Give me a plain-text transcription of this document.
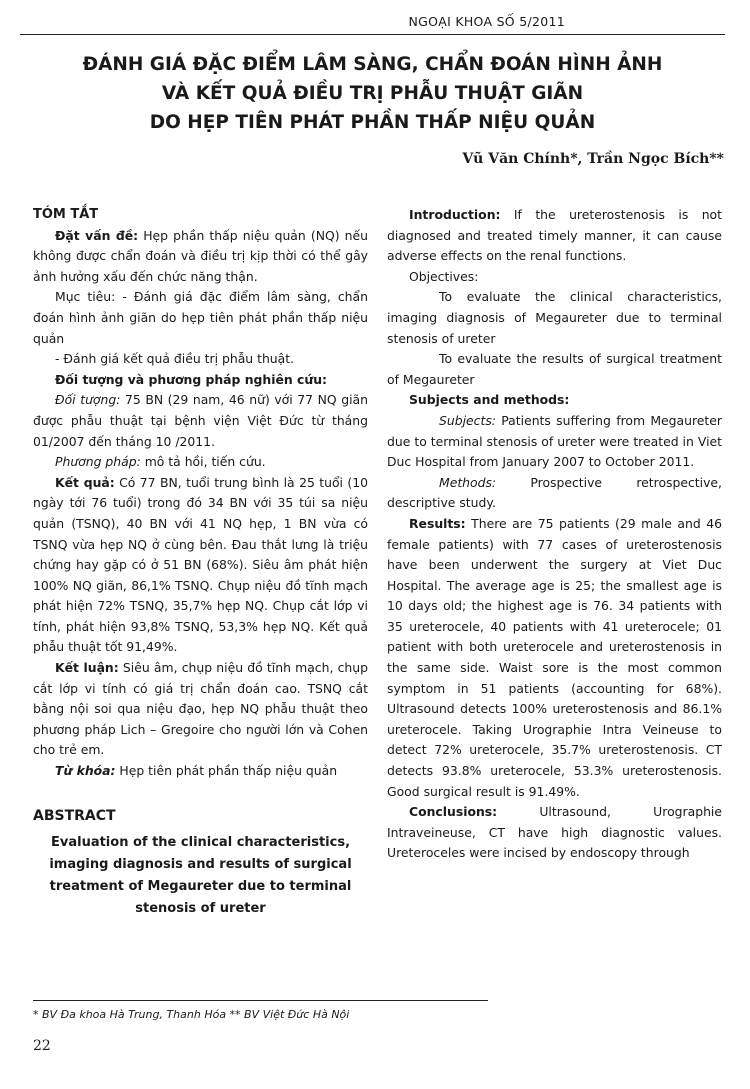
NGOẠI KHOA SỐ 5/2011
ĐÁNH GIÁ ĐẶC ĐIỂM LÂM SÀNG, CHẨN ĐOÁN HÌNH ẢNH
VÀ KẾT QUẢ ĐIỀU TRỊ PHẪU THUẬT GIÃN
DO HẸP TIÊN PHÁT PHẦN THẤP NIỆU QUẢN
Vũ Văn Chính*, Trần Ngọc Bích**

TÓM TẮT

Đặt vấn đề: Hẹp phần thấp niệu quản (NQ) nếu không được chẩn đoán và điều trị kịp thời có thể gây ảnh hưởng xấu đến chức năng thận.

Mục tiêu: - Đánh giá đặc điểm lâm sàng, chẩn đoán hình ảnh giãn do hẹp tiên phát phần thấp niệu quản

- Đánh giá kết quả điều trị phẫu thuật.

Đối tượng và phương pháp nghiên cứu:

Đối tượng: 75 BN (29 nam, 46 nữ) với 77 NQ giãn được phẫu thuật tại bệnh viện Việt Đức từ tháng 01/2007 đến tháng 10 /2011.

Phương pháp: mô tả hồi, tiến cứu.

Kết quả: Có 77 BN, tuổi trung bình là 25 tuổi (10 ngày tới 76 tuổi) trong đó 34 BN với 35 túi sa niệu quản (TSNQ), 40 BN với 41 NQ hẹp, 1 BN vừa có TSNQ vừa hẹp NQ ở cùng bên. Đau thắt lưng là triệu chứng hay gặp có ở 51 BN (68%). Siêu âm phát hiện 100% NQ giãn, 86,1% TSNQ. Chụp niệu đồ tĩnh mạch phát hiện 72% TSNQ, 35,7% hẹp NQ. Chụp cắt lớp vi tính, phát hiện 93,8% TSNQ, 53,3% hẹp NQ. Kết quả phẫu thuật tốt 91,49%.

Kết luận: Siêu âm, chụp niệu đồ tĩnh mạch, chụp cắt lớp vi tính có giá trị chẩn đoán cao. TSNQ cắt bằng nội soi qua niệu đạo, hẹp NQ phẫu thuật theo phương pháp Lich – Gregoire cho người lớn và Cohen cho trẻ em.

Từ khóa: Hẹp tiên phát phần thấp niệu quản

ABSTRACT

Evaluation of the clinical characteristics, imaging diagnosis and results of surgical treatment of Megaureter due to terminal stenosis of ureter

Introduction: If the ureterostenosis is not diagnosed and treated timely manner, it can cause adverse effects on the renal functions.

Objectives:

To evaluate the clinical characteristics, imaging diagnosis of Megaureter due to terminal stenosis of ureter

To evaluate the results of surgical treatment of Megaureter

Subjects and methods:

Subjects: Patients suffering from Megaureter due to terminal stenosis of ureter were treated in Viet Duc Hospital from January 2007 to October 2011.

Methods: Prospective retrospective, descriptive study.

Results: There are 75 patients (29 male and 46 female patients) with 77 cases of ureterostenosis have been underwent the surgery at Viet Duc Hospital. The average age is 25; the smallest age is 10 days old; the highest age is 76. 34 patients with 35 ureterocele, 40 patients with 41 ureterocele; 01 patient with both ureterocele and ureterostenosis in the same side. Waist sore is the most common symptom in 51 patients (accounting for 68%). Ultrasound detects 100% ureterostenosis and 86.1% ureterocele. Taking Urographie Intra Veineuse to detect 72% ureterocele, 35.7% ureterostenosis. CT detects 93.8% ureterocele, 53.3% ureterostenosis. Good surgical result is 91.49%.

Conclusions: Ultrasound, Urographie Intraveineuse, CT have high diagnostic values. Ureteroceles were incised by endoscopy through

* BV Đa khoa Hà Trung, Thanh Hóa ** BV Việt Đức Hà Nội
22
